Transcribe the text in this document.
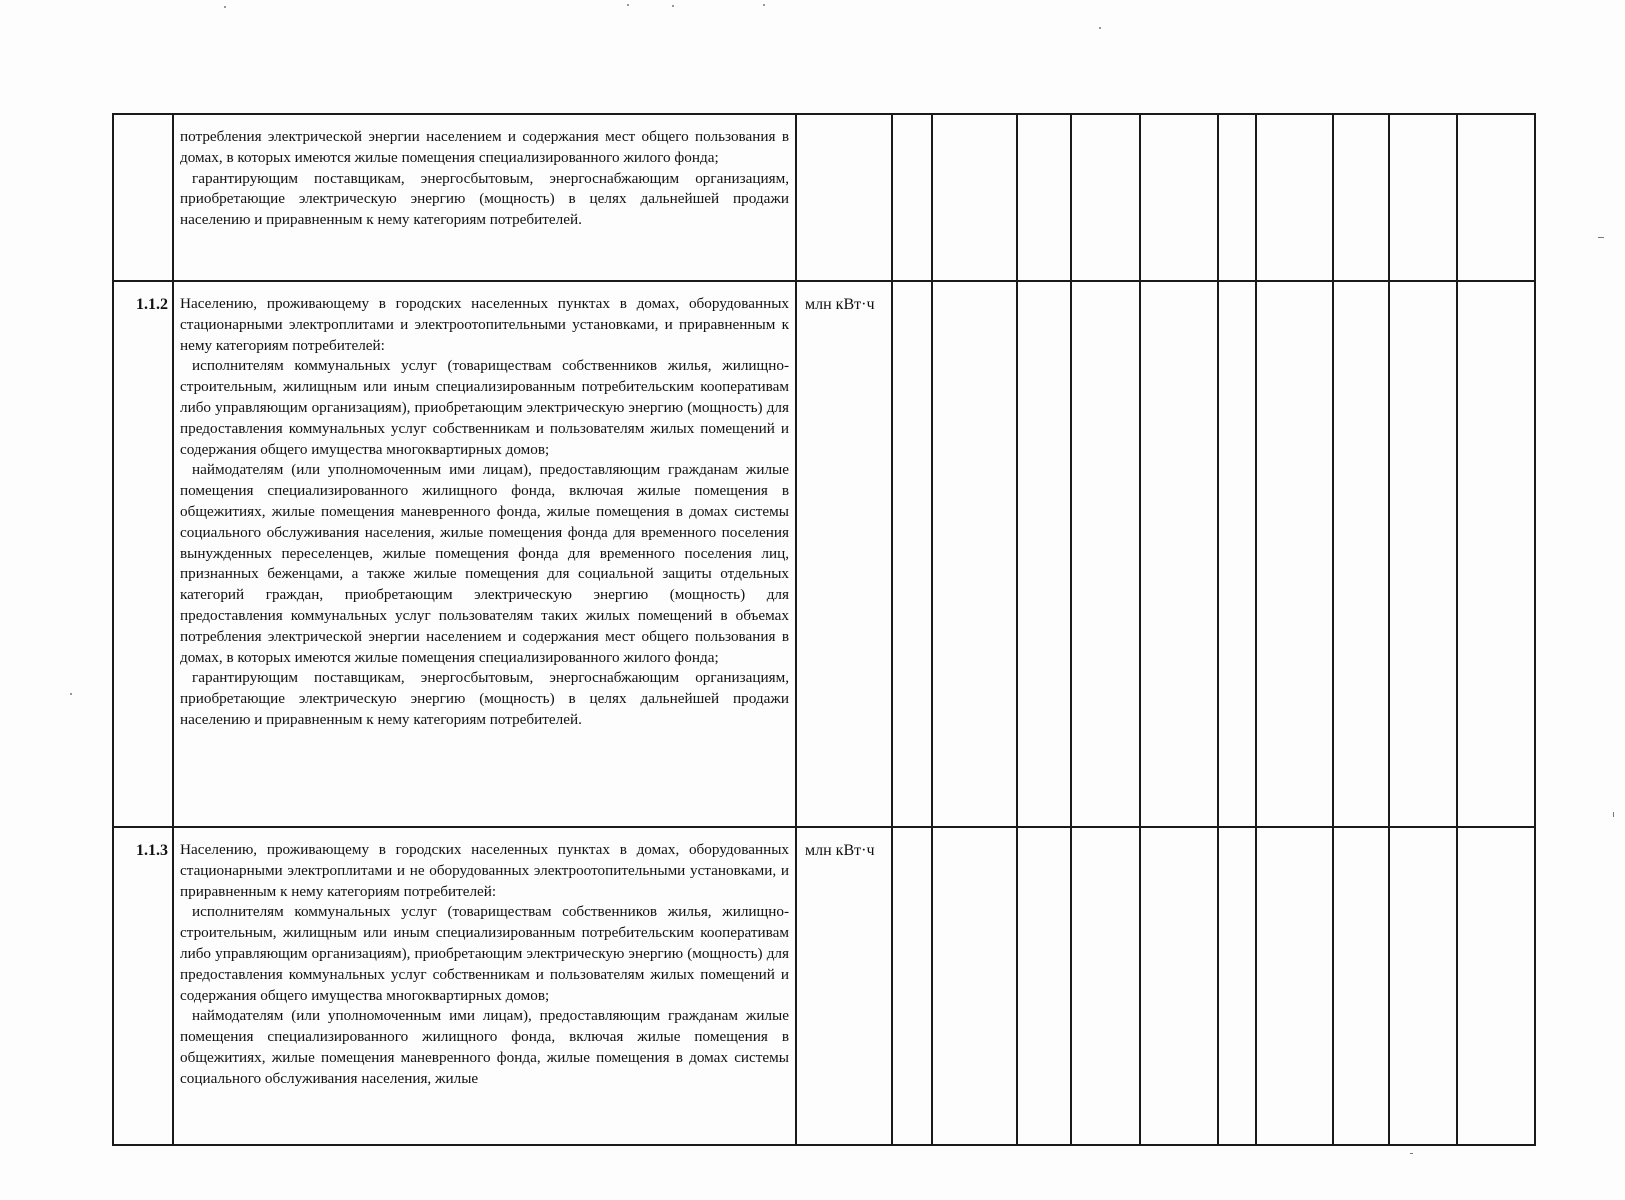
	потребления электрической энергии населением и содержания мест общего пользования в домах, в которых имеются жилые помещения специализированного жилого фонда;

гарантирующим поставщикам, энергосбытовым, энергоснабжающим организациям, приобретающие электрическую энергию (мощность) в целях дальнейшей продажи населению и приравненным к нему категориям потребителей.											

1.1.2	Населению, проживающему в городских населенных пунктах в домах, оборудованных стационарными электроплитами и электроотопительными установками, и приравненным к нему категориям потребителей:

исполнителям коммунальных услуг (товариществам собственников жилья, жилищно-строительным, жилищным или иным специализированным потребительским кооперативам либо управляющим организациям), приобретающим электрическую энергию (мощность) для предоставления коммунальных услуг собственникам и пользователям жилых помещений и содержания общего имущества многоквартирных домов;

наймодателям (или уполномоченным ими лицам), предоставляющим гражданам жилые помещения специализированного жилищного фонда, включая жилые помещения в общежитиях, жилые помещения маневренного фонда, жилые помещения в домах системы социального обслуживания населения, жилые помещения фонда для временного поселения вынужденных переселенцев, жилые помещения фонда для временного поселения лиц, признанных беженцами, а также жилые помещения для социальной защиты отдельных категорий граждан, приобретающим электрическую энергию (мощность) для предоставления коммунальных услуг пользователям таких жилых помещений в объемах потребления электрической энергии населением и содержания мест общего пользования в домах, в которых имеются жилые помещения специализированного жилого фонда;

гарантирующим поставщикам, энергосбытовым, энергоснабжающим организациям, приобретающие электрическую энергию (мощность) в целях дальнейшей продажи населению и приравненным к нему категориям потребителей.	млн кВт·ч										
1.1.3	Населению, проживающему в городских населенных пунктах в домах, оборудованных стационарными электроплитами и не оборудованных электроотопительными установками, и приравненным к нему категориям потребителей:

исполнителям коммунальных услуг (товариществам собственников жилья, жилищно-строительным, жилищным или иным специализированным потребительским кооперативам либо управляющим организациям), приобретающим электрическую энергию (мощность) для предоставления коммунальных услуг собственникам и пользователям жилых помещений и содержания общего имущества многоквартирных домов;

наймодателям (или уполномоченным ими лицам), предоставляющим гражданам жилые помещения специализированного жилищного фонда, включая жилые помещения в общежитиях, жилые помещения маневренного фонда, жилые помещения в домах системы социального обслуживания населения, жилые	млн кВт·ч										
